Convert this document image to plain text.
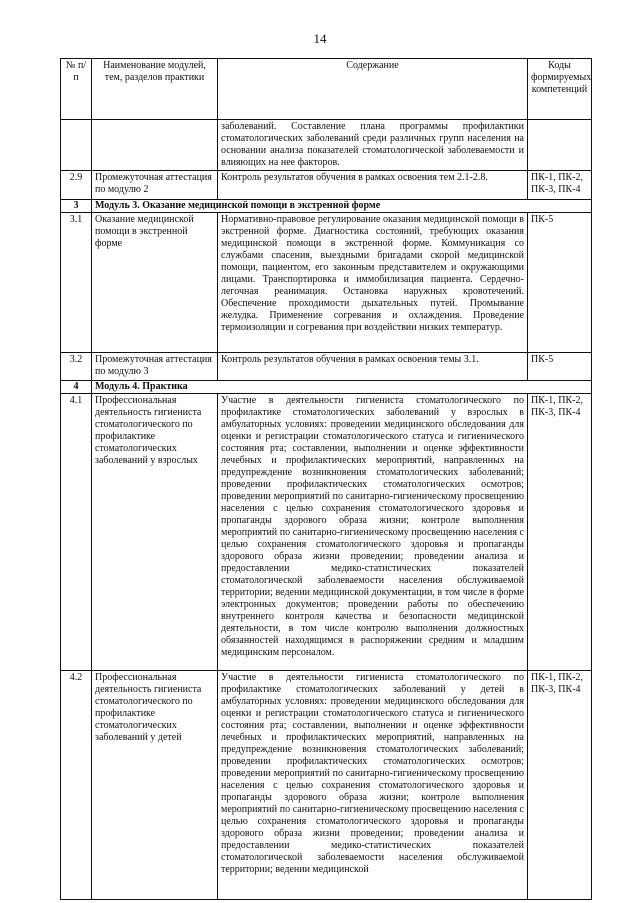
14
№ п/п	Наименование модулей, тем, разделов практики	Содержание	Коды формируемых компетенций
		заболеваний. Составление плана программы профилактики стоматологических заболеваний среди различных групп населения на основании анализа показателей стоматологической заболеваемости и влияющих на нее факторов.	
2.9	Промежуточная аттестация по модулю 2	Контроль результатов обучения в рамках освоения тем 2.1-2.8.	ПК-1, ПК-2, ПК-3, ПК-4
3	Модуль 3. Оказание медицинской помощи в экстренной форме		
3.1	Оказание медицинской помощи в экстренной форме	Нормативно-правовое регулирование оказания медицинской помощи в экстренной форме. Диагностика состояний, требующих оказания медицинской помощи в экстренной форме. Коммуникация со службами спасения, выездными бригадами скорой медицинской помощи, пациентом, его законным представителем и окружающими лицами. Транспортировка и иммобилизация пациента. Сердечно-легочная реанимация. Остановка наружных кровотечений. Обеспечение проходимости дыхательных путей. Промывание желудка. Применение согревания и охлаждения. Проведение термоизоляции и согревания при воздействии низких температур.	ПК-5
3.2	Промежуточная аттестация по модулю 3	Контроль результатов обучения в рамках освоения темы 3.1.	ПК-5
4	Модуль 4. Практика		
4.1	Профессиональная деятельность гигиениста стоматологического по профилактике стоматологических заболеваний у взрослых	Участие в деятельности гигиениста стоматологического по профилактике стоматологических заболеваний у взрослых в амбулаторных условиях: проведении медицинского обследования для оценки и регистрации стоматологического статуса и гигиенического состояния рта; составлении, выполнении и оценке эффективности лечебных и профилактических мероприятий, направленных на предупреждение возникновения стоматологических заболеваний; проведении профилактических стоматологических осмотров; проведении мероприятий по санитарно-гигиеническому просвещению населения с целью сохранения стоматологического здоровья и пропаганды здорового образа жизни; контроле выполнения мероприятий по санитарно-гигиеническому просвещению населения с целью сохранения стоматологического здоровья и пропаганды здорового образа жизни проведении; проведении анализа и предоставлении медико-статистических показателей стоматологической заболеваемости населения обслуживаемой территории; ведении медицинской документации, в том числе в форме электронных документов; проведении работы по обеспечению внутреннего контроля качества и безопасности медицинской деятельности, в том числе контролю выполнения должностных обязанностей находящимся в распоряжении средним и младшим медицинским персоналом.	ПК-1, ПК-2, ПК-3, ПК-4
4.2	Профессиональная деятельность гигиениста стоматологического по профилактике стоматологических заболеваний у детей	Участие в деятельности гигиениста стоматологического по профилактике стоматологических заболеваний у детей в амбулаторных условиях: проведении медицинского обследования для оценки и регистрации стоматологического статуса и гигиенического состояния рта; составлении, выполнении и оценке эффективности лечебных и профилактических мероприятий, направленных на предупреждение возникновения стоматологических заболеваний; проведении профилактических стоматологических осмотров; проведении мероприятий по санитарно-гигиеническому просвещению населения с целью сохранения стоматологического здоровья и пропаганды здорового образа жизни; контроле выполнения мероприятий по санитарно-гигиеническому просвещению населения с целью сохранения стоматологического здоровья и пропаганды здорового образа жизни проведении; проведении анализа и предоставлении медико-статистических показателей стоматологической заболеваемости населения обслуживаемой территории; ведении медицинской	ПК-1, ПК-2, ПК-3, ПК-4
